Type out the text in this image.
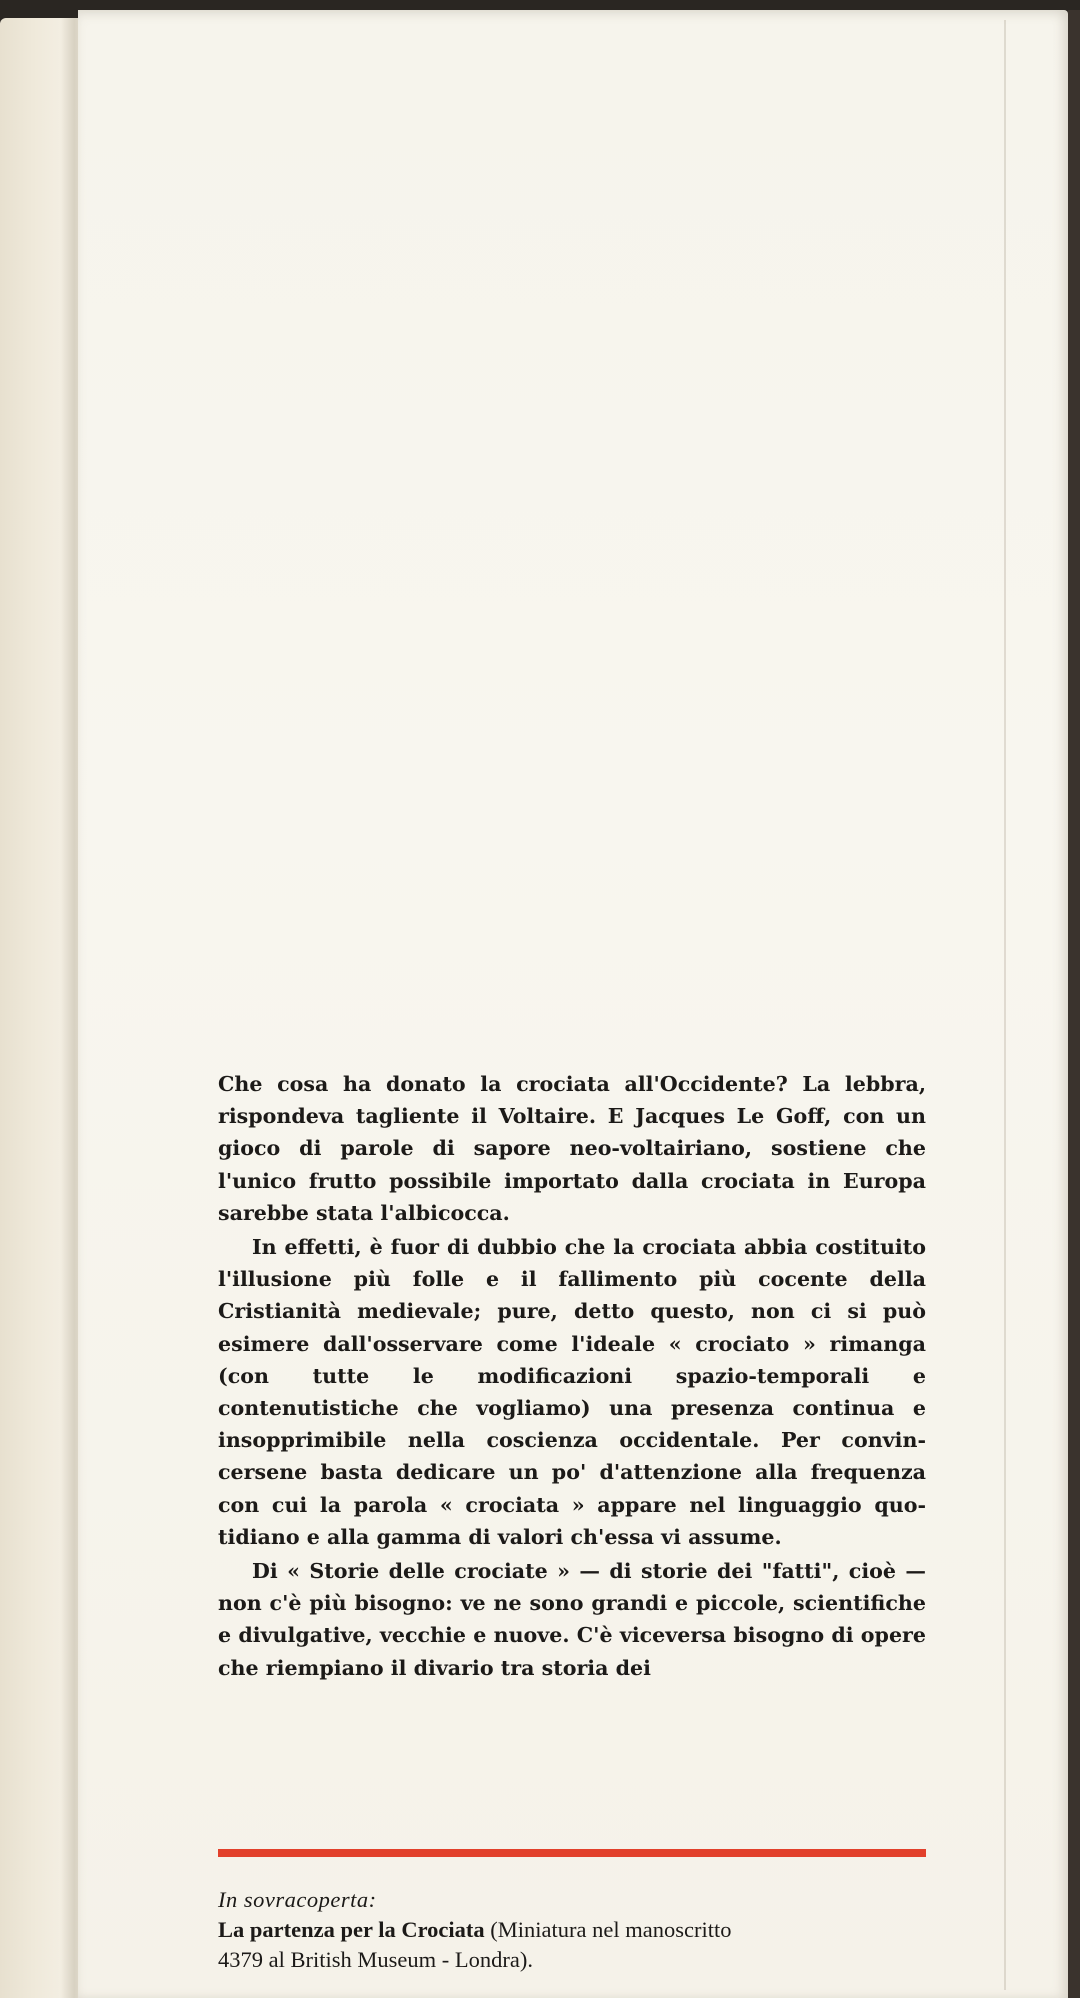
Che cosa ha donato la crociata all'Occidente? La lebbra, rispondeva tagliente il Voltaire. E Jacques Le Goff, con un gioco di parole di sapore neo-voltairiano, sostiene che l'unico frutto possibile importato dalla crociata in Europa sarebbe stata l'albicocca.

In effetti, è fuor di dubbio che la crociata abbia costituito l'illusione più folle e il fallimento più cocente della Cristianità medievale; pure, detto questo, non ci si può esimere dall'osservare come l'ideale « crociato » rimanga (con tutte le modificazioni spazio-temporali e contenutistiche che vogliamo) una presenza continua e insopprimibile nella coscienza occidentale. Per convincersene basta dedicare un po' d'attenzione alla frequenza con cui la parola « crociata » appare nel linguaggio quotidiano e alla gamma di valori ch'essa vi assume.

Di « Storie delle crociate » — di storie dei "fatti", cioè — non c'è più bisogno: ve ne sono grandi e piccole, scientifiche e divulgative, vecchie e nuove. C'è viceversa bisogno di opere che riempiano il divario tra storia dei

In sovracoperta:
La partenza per la Crociata (Miniatura nel manoscritto
4379 al British Museum - Londra).
